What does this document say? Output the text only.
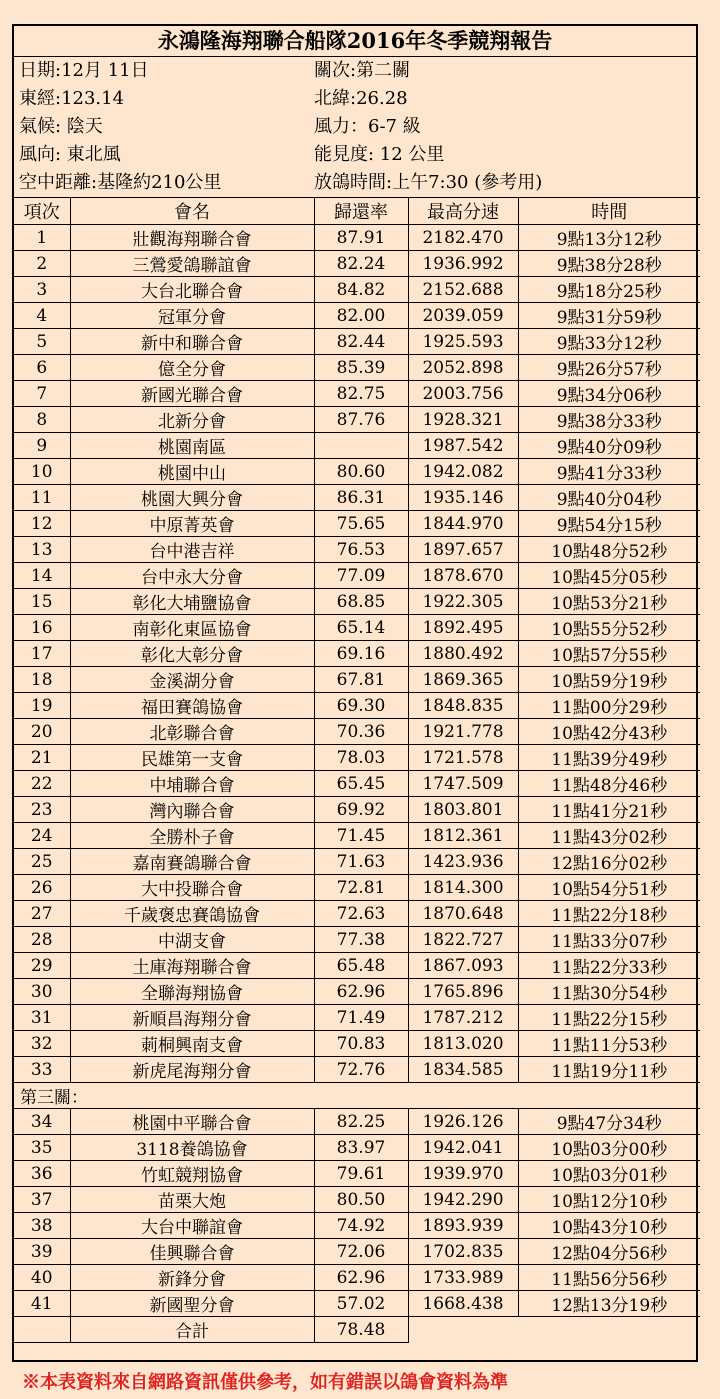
永鴻隆海翔聯合船隊2016年冬季競翔報告
日期:12月 11日	關次:第二關
東經:123.14	北緯:26.28
氣候: 陰天	風力：6-7 級
風向: 東北風	能見度: 12 公里
空中距離:基隆約210公里	放鴿時間:上午7:30 (參考用)
項次	會名	歸還率	最高分速	時間
1	壯觀海翔聯合會	87.91	2182.470	9點13分12秒
2	三鶯愛鴿聯誼會	82.24	1936.992	9點38分28秒
3	大台北聯合會	84.82	2152.688	9點18分25秒
4	冠軍分會	82.00	2039.059	9點31分59秒
5	新中和聯合會	82.44	1925.593	9點33分12秒
6	億全分會	85.39	2052.898	9點26分57秒
7	新國光聯合會	82.75	2003.756	9點34分06秒
8	北新分會	87.76	1928.321	9點38分33秒
9	桃園南區		1987.542	9點40分09秒
10	桃園中山	80.60	1942.082	9點41分33秒
11	桃園大興分會	86.31	1935.146	9點40分04秒
12	中原菁英會	75.65	1844.970	9點54分15秒
13	台中港吉祥	76.53	1897.657	10點48分52秒
14	台中永大分會	77.09	1878.670	10點45分05秒
15	彰化大埔鹽協會	68.85	1922.305	10點53分21秒
16	南彰化東區協會	65.14	1892.495	10點55分52秒
17	彰化大彰分會	69.16	1880.492	10點57分55秒
18	金溪湖分會	67.81	1869.365	10點59分19秒
19	福田賽鴿協會	69.30	1848.835	11點00分29秒
20	北彰聯合會	70.36	1921.778	10點42分43秒
21	民雄第一支會	78.03	1721.578	11點39分49秒
22	中埔聯合會	65.45	1747.509	11點48分46秒
23	灣內聯合會	69.92	1803.801	11點41分21秒
24	全勝朴子會	71.45	1812.361	11點43分02秒
25	嘉南賽鴿聯合會	71.63	1423.936	12點16分02秒
26	大中投聯合會	72.81	1814.300	10點54分51秒
27	千歲褒忠賽鴿協會	72.63	1870.648	11點22分18秒
28	中湖支會	77.38	1822.727	11點33分07秒
29	土庫海翔聯合會	65.48	1867.093	11點22分33秒
30	全聯海翔協會	62.96	1765.896	11點30分54秒
31	新順昌海翔分會	71.49	1787.212	11點22分15秒
32	莿桐興南支會	70.83	1813.020	11點11分53秒
33	新虎尾海翔分會	72.76	1834.585	11點19分11秒
第三關：				
34	桃園中平聯合會	82.25	1926.126	9點47分34秒
35	3118養鴿協會	83.97	1942.041	10點03分00秒
36	竹虹競翔協會	79.61	1939.970	10點03分01秒
37	苗栗大炮	80.50	1942.290	10點12分10秒
38	大台中聯誼會	74.92	1893.939	10點43分10秒
39	佳興聯合會	72.06	1702.835	12點04分56秒
40	新鋒分會	62.96	1733.989	11點56分56秒
41	新國聖分會	57.02	1668.438	12點13分19秒
	合計	78.48		
※本表資料來自網路資訊僅供參考，如有錯誤以鴿會資料為準
